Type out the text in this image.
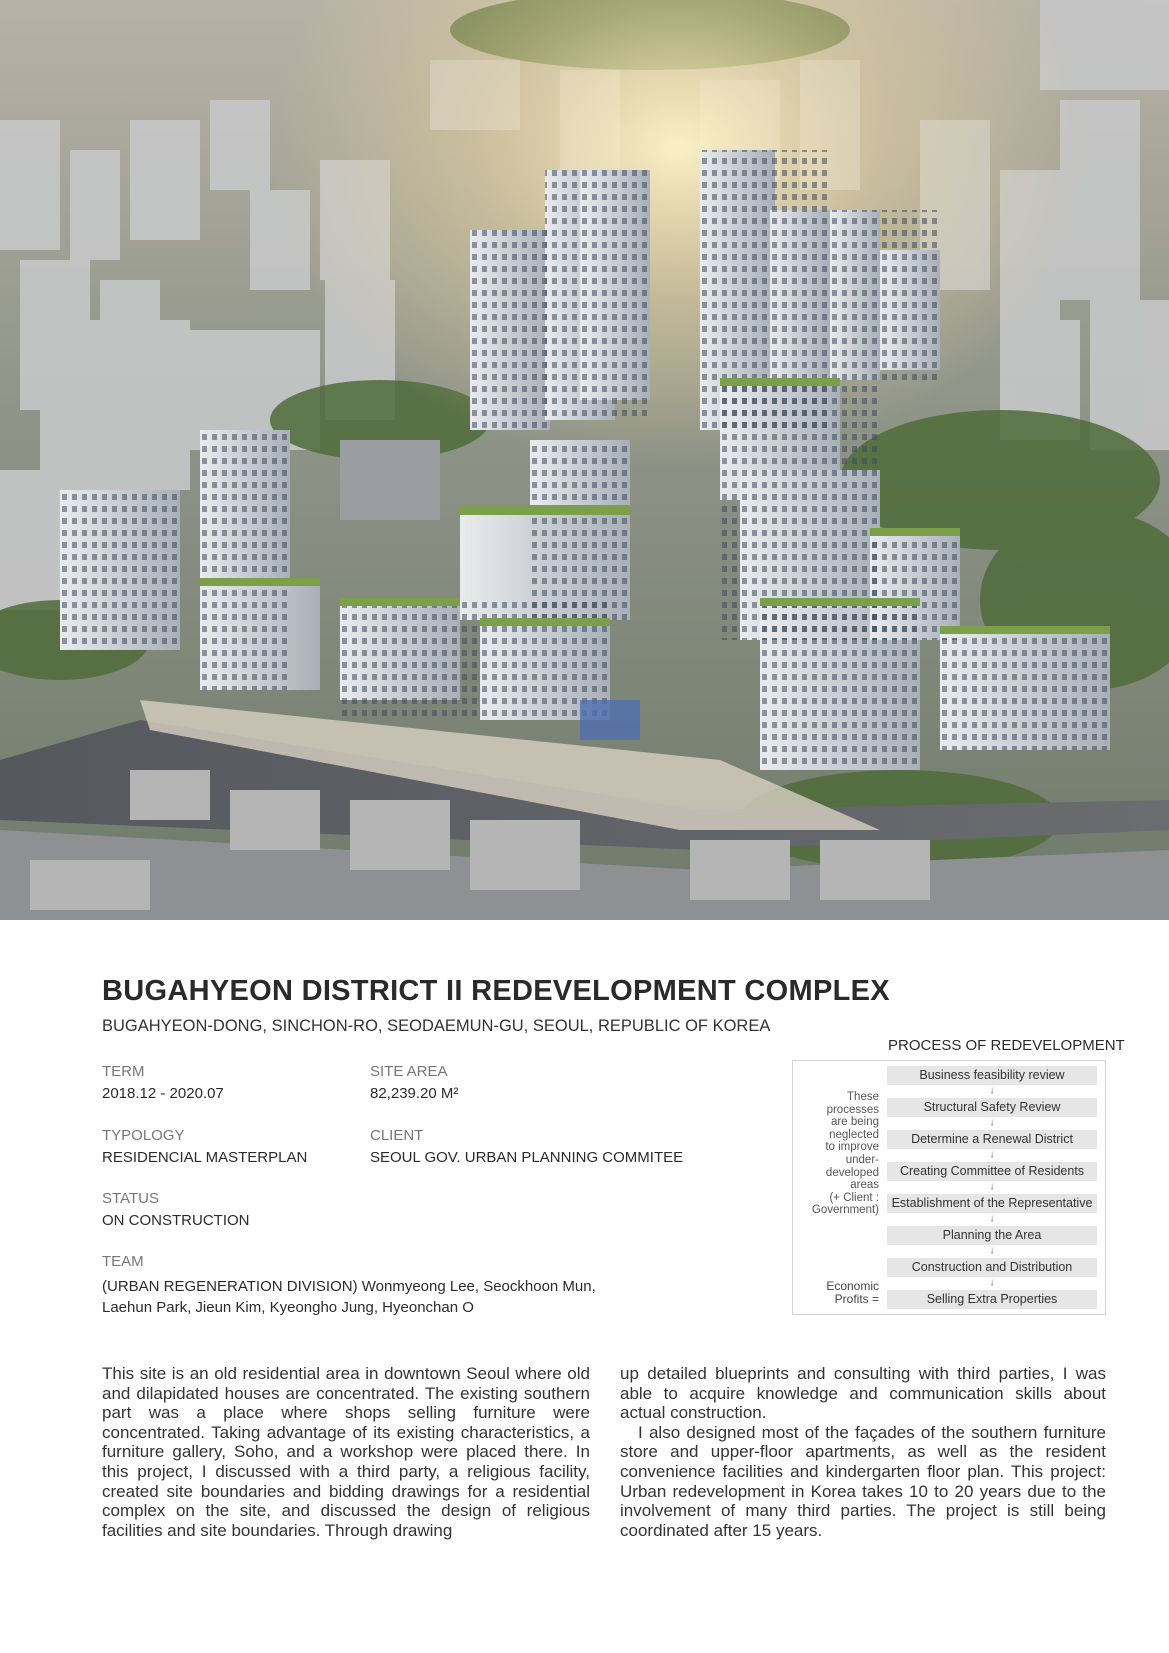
BUGAHYEON DISTRICT II REDEVELOPMENT COMPLEX
BUGAHYEON-DONG, SINCHON-RO, SEODAEMUN-GU, SEOUL, REPUBLIC OF KOREA
TERM
2018.12 - 2020.07
SITE AREA
82,239.20 M²
TYPOLOGY
RESIDENCIAL MASTERPLAN
CLIENT
SEOUL GOV. URBAN PLANNING COMMITEE
STATUS
ON CONSTRUCTION
TEAM
(URBAN REGENERATION DIVISION) Wonmyeong Lee, Seockhoon Mun,
Laehun Park, Jieun Kim, Kyeongho Jung, Hyeonchan O
PROCESS OF REDEVELOPMENT
These
processes
are being
neglected
to improve
under-
developed
areas
(+ Client :
Government)
Economic
Profits =
Business feasibility review
↓
Structural Safety Review
↓
Determine a Renewal District
↓
Creating Committee of Residents
↓
Establishment of the Representative
↓
Planning the Area
↓
Construction and Distribution
↓
Selling Extra Properties

This site is an old residential area in downtown Seoul where old and dilapidated houses are concentrated. The existing southern part was a place where shops selling furniture were concentrated. Taking advantage of its existing characteristics, a furniture gallery, Soho, and a workshop were placed there. In this project, I discussed with a third party, a religious facility, created site boundaries and bidding drawings for a residential complex on the site, and discussed the design of religious facilities and site boundaries. Through drawing

up detailed blueprints and consulting with third parties, I was able to acquire knowledge and communication skills about actual construction.

I also designed most of the façades of the southern furniture store and upper-floor apartments, as well as the resident convenience facilities and kindergarten floor plan. This project: Urban redevelopment in Korea takes 10 to 20 years due to the involvement of many third parties. The project is still being coordinated after 15 years.
